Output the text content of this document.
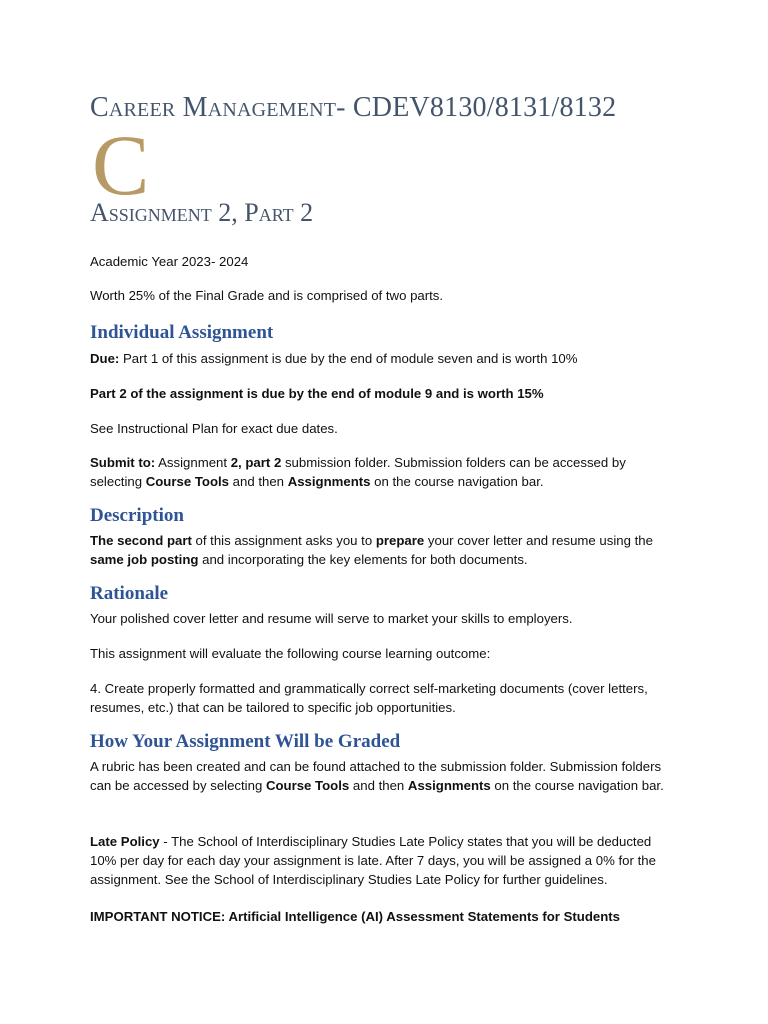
Career Management- CDEV8130/8131/8132
C
Assignment 2, Part 2

Academic Year 2023- 2024

Worth 25% of the Final Grade and is comprised of two parts.

Individual Assignment

Due: Part 1 of this assignment is due by the end of module seven and is worth 10%

Part 2 of the assignment is due by the end of module 9 and is worth 15%

See Instructional Plan for exact due dates.

Submit to: Assignment 2, part 2 submission folder. Submission folders can be accessed by selecting Course Tools and then Assignments on the course navigation bar.

Description

The second part of this assignment asks you to prepare your cover letter and resume using the same job posting and incorporating the key elements for both documents.

Rationale

Your polished cover letter and resume will serve to market your skills to employers.

This assignment will evaluate the following course learning outcome:

4. Create properly formatted and grammatically correct self-marketing documents (cover letters, resumes, etc.) that can be tailored to specific job opportunities.

How Your Assignment Will be Graded

A rubric has been created and can be found attached to the submission folder. Submission folders can be accessed by selecting Course Tools and then Assignments on the course navigation bar.

Late Policy - The School of Interdisciplinary Studies Late Policy states that you will be deducted 10% per day for each day your assignment is late. After 7 days, you will be assigned a 0% for the assignment. See the School of Interdisciplinary Studies Late Policy for further guidelines.

IMPORTANT NOTICE: Artificial Intelligence (AI) Assessment Statements for Students
